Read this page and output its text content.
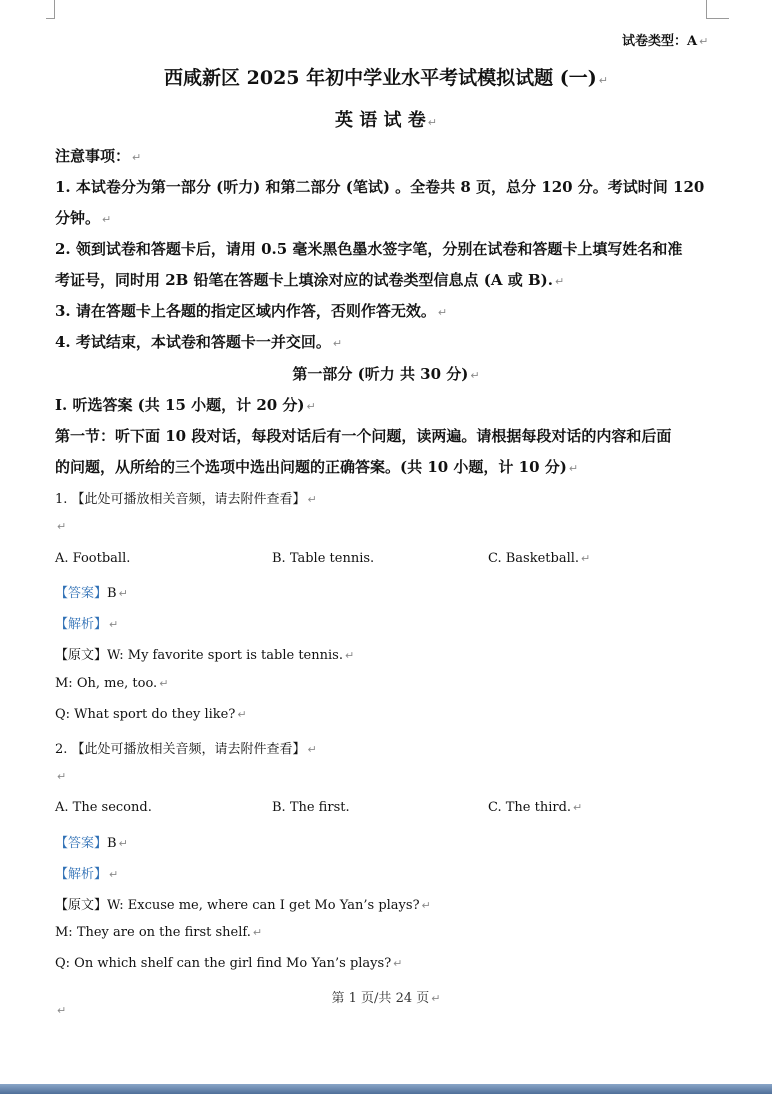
试卷类型：A ↵
西咸新区 2025 年初中学业水平考试模拟试题 (一) ↵
英 语 试 卷 ↵
注意事项： ↵
1. 本试卷分为第一部分 (听力) 和第二部分 (笔试) 。全卷共 8 页，总分 120 分。考试时间 120
分钟。 ↵
2. 领到试卷和答题卡后，请用 0.5 毫米黑色墨水签字笔，分别在试卷和答题卡上填写姓名和准
考证号，同时用 2B 铅笔在答题卡上填涂对应的试卷类型信息点 (A 或 B). ↵
3. 请在答题卡上各题的指定区域内作答，否则作答无效。 ↵
4. 考试结束，本试卷和答题卡一并交回。 ↵
第一部分 (听力 共 30 分) ↵
Ⅰ. 听选答案 (共 15 小题，计 20 分) ↵
第一节：听下面 10 段对话，每段对话后有一个问题，读两遍。请根据每段对话的内容和后面
的问题，从所给的三个选项中选出问题的正确答案。(共 10 小题，计 10 分) ↵
1. 【此处可播放相关音频，请去附件查看】 ↵
↵
A. Football.	B. Table tennis.	C. Basketball. ↵
【答案】B ↵
【解析】 ↵
【原文】W: My favorite sport is table tennis. ↵
M: Oh, me, too. ↵
Q: What sport do they like? ↵
2. 【此处可播放相关音频，请去附件查看】 ↵
↵
A. The second.	B. The first.	C. The third. ↵
【答案】B ↵
【解析】 ↵
【原文】W: Excuse me, where can I get Mo Yan’s plays? ↵
M: They are on the first shelf. ↵
Q: On which shelf can the girl find Mo Yan’s plays? ↵
第 1 页/共 24 页 ↵
↵
